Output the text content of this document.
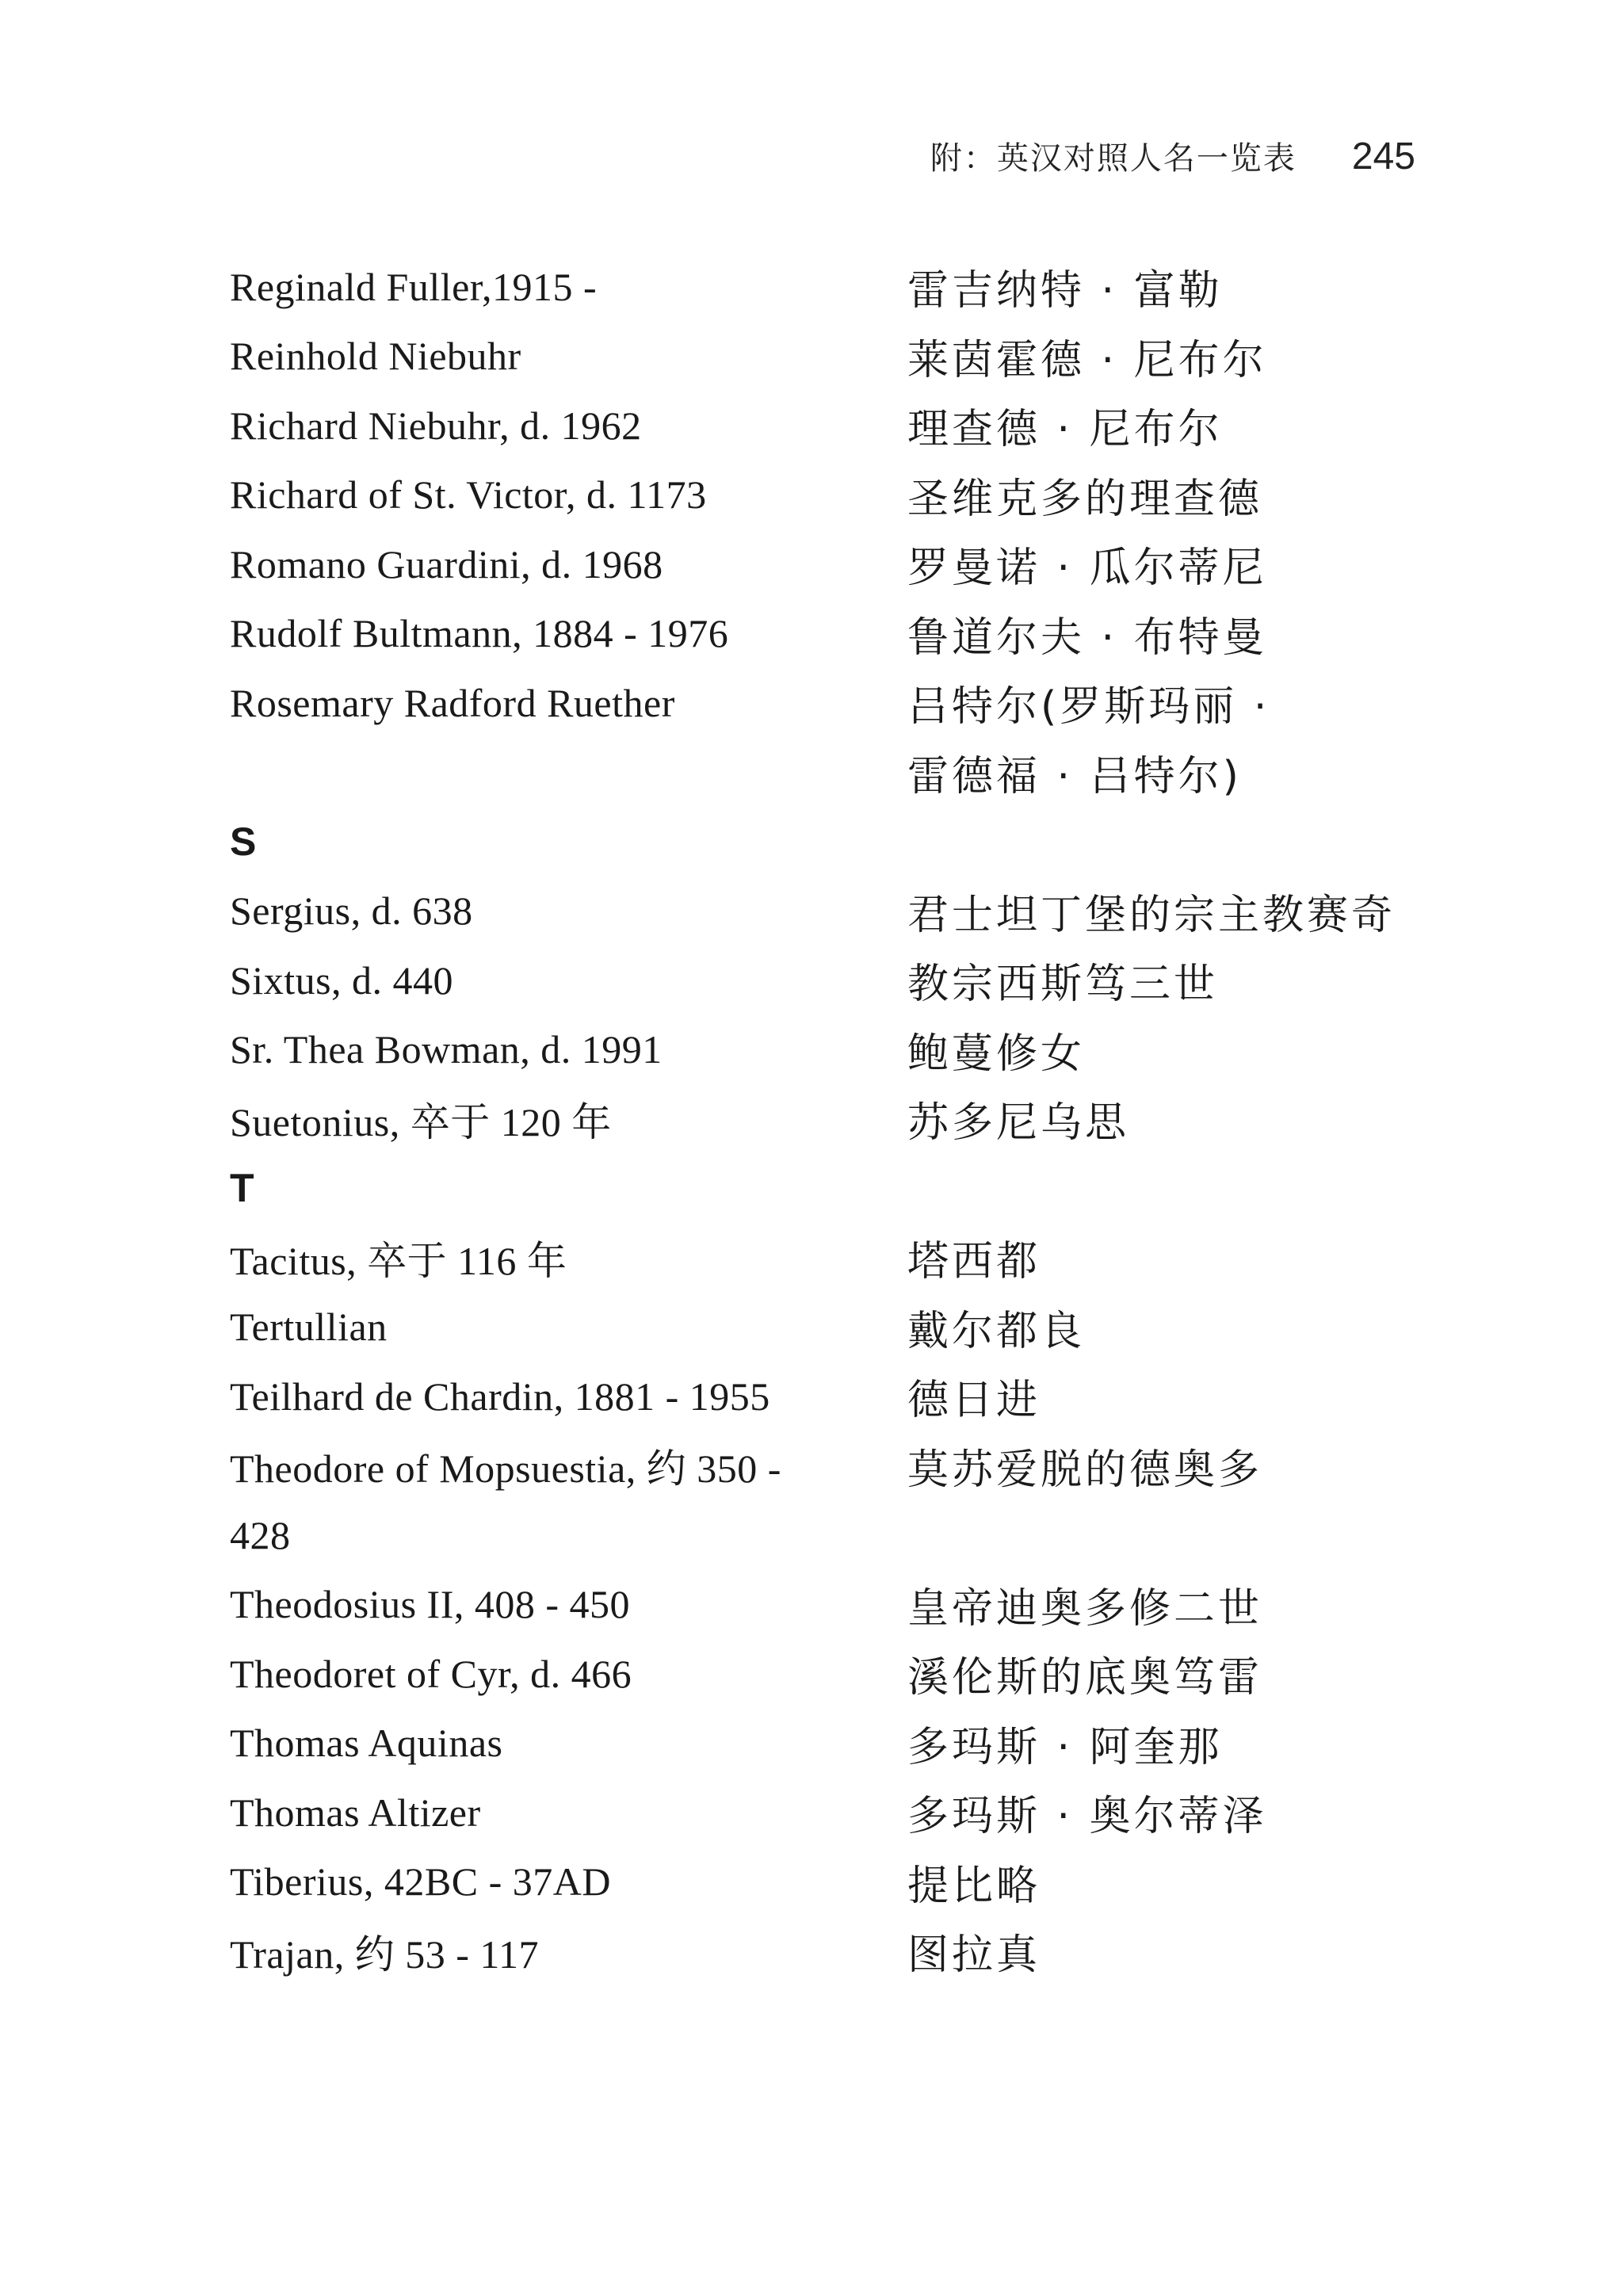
附：英汉对照人名一览表 245
Reginald Fuller,1915 -	雷吉纳特 · 富勒
Reinhold Niebuhr	莱茵霍德 · 尼布尔
Richard Niebuhr, d. 1962	理查德 · 尼布尔
Richard of St. Victor, d. 1173	圣维克多的理查德
Romano Guardini, d. 1968	罗曼诺 · 瓜尔蒂尼
Rudolf Bultmann, 1884 - 1976	鲁道尔夫 · 布特曼
Rosemary Radford Ruether	吕特尔(罗斯玛丽 ·
雷德福 · 吕特尔)
S
Sergius, d. 638	君士坦丁堡的宗主教赛奇
Sixtus, d. 440	教宗西斯笃三世
Sr. Thea Bowman, d. 1991	鲍蔓修女
Suetonius, 卒于 120 年	苏多尼乌思
T
Tacitus, 卒于 116 年	塔西都
Tertullian	戴尔都良
Teilhard de Chardin, 1881 - 1955	德日进
Theodore of Mopsuestia, 约 350 -	莫苏爱脱的德奥多
428
Theodosius II, 408 - 450	皇帝迪奥多修二世
Theodoret of Cyr, d. 466	溪伦斯的底奥笃雷
Thomas Aquinas	多玛斯 · 阿奎那
Thomas Altizer	多玛斯 · 奥尔蒂泽
Tiberius, 42BC - 37AD	提比略
Trajan, 约 53 - 117	图拉真
